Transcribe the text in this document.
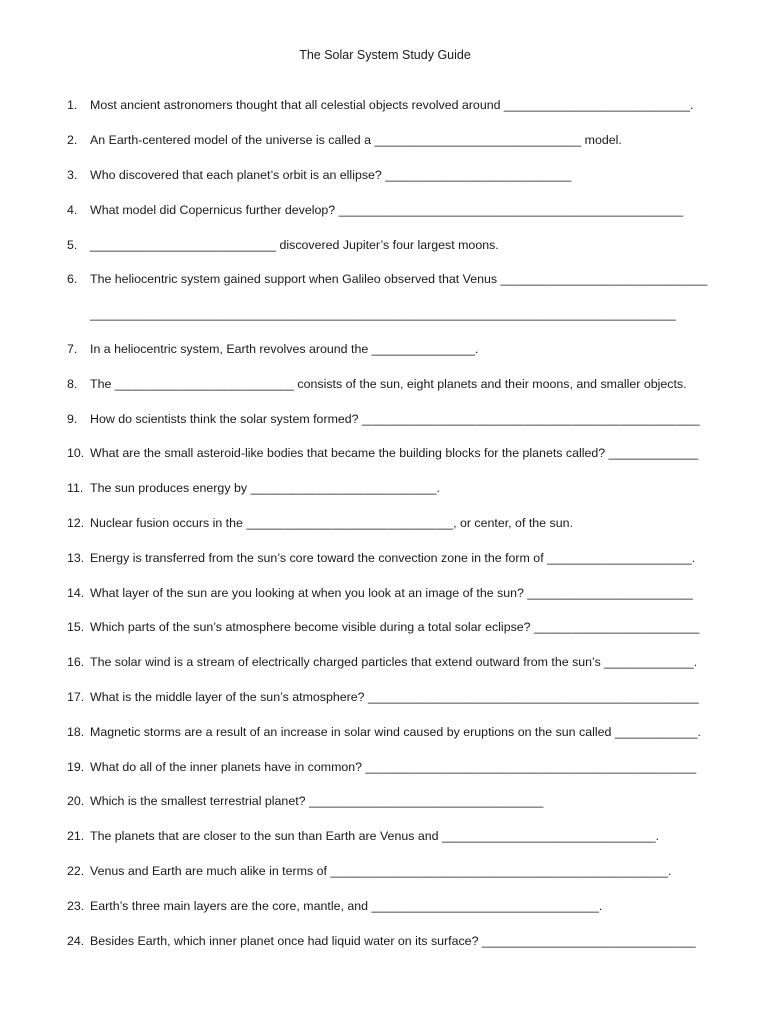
The Solar System Study Guide
1.	Most ancient astronomers thought that all celestial objects revolved around ___________________________.
2.	An Earth-centered model of the universe is called a ______________________________ model.
3.	Who discovered that each planet’s orbit is an ellipse? ___________________________
4.	What model did Copernicus further develop? __________________________________________________
5.	___________________________ discovered Jupiter’s four largest moons.
6.	The heliocentric system gained support when Galileo observed that Venus ______________________________
_____________________________________________________________________________________
7.	In a heliocentric system, Earth revolves around the _______________.
8.	The __________________________ consists of the sun, eight planets and their moons, and smaller objects.
9.	How do scientists think the solar system formed? _________________________________________________
10. What are the small asteroid-like bodies that became the building blocks for the planets called? _____________
11. The sun produces energy by ___________________________.
12. Nuclear fusion occurs in the ______________________________, or center, of the sun.
13. Energy is transferred from the sun’s core toward the convection zone in the form of _____________________.
14. What layer of the sun are you looking at when you look at an image of the sun? ________________________
15. Which parts of the sun’s atmosphere become visible during a total solar eclipse? ________________________
16. The solar wind is a stream of electrically charged particles that extend outward from the sun’s _____________.
17. What is the middle layer of the sun’s atmosphere? ________________________________________________
18. Magnetic storms are a result of an increase in solar wind caused by eruptions on the sun called ____________.
19. What do all of the inner planets have in common? ________________________________________________
20. Which is the smallest terrestrial planet? __________________________________
21. The planets that are closer to the sun than Earth are Venus and _______________________________.
22. Venus and Earth are much alike in terms of _________________________________________________.
23. Earth’s three main layers are the core, mantle, and _________________________________.
24. Besides Earth, which inner planet once had liquid water on its surface? _______________________________
